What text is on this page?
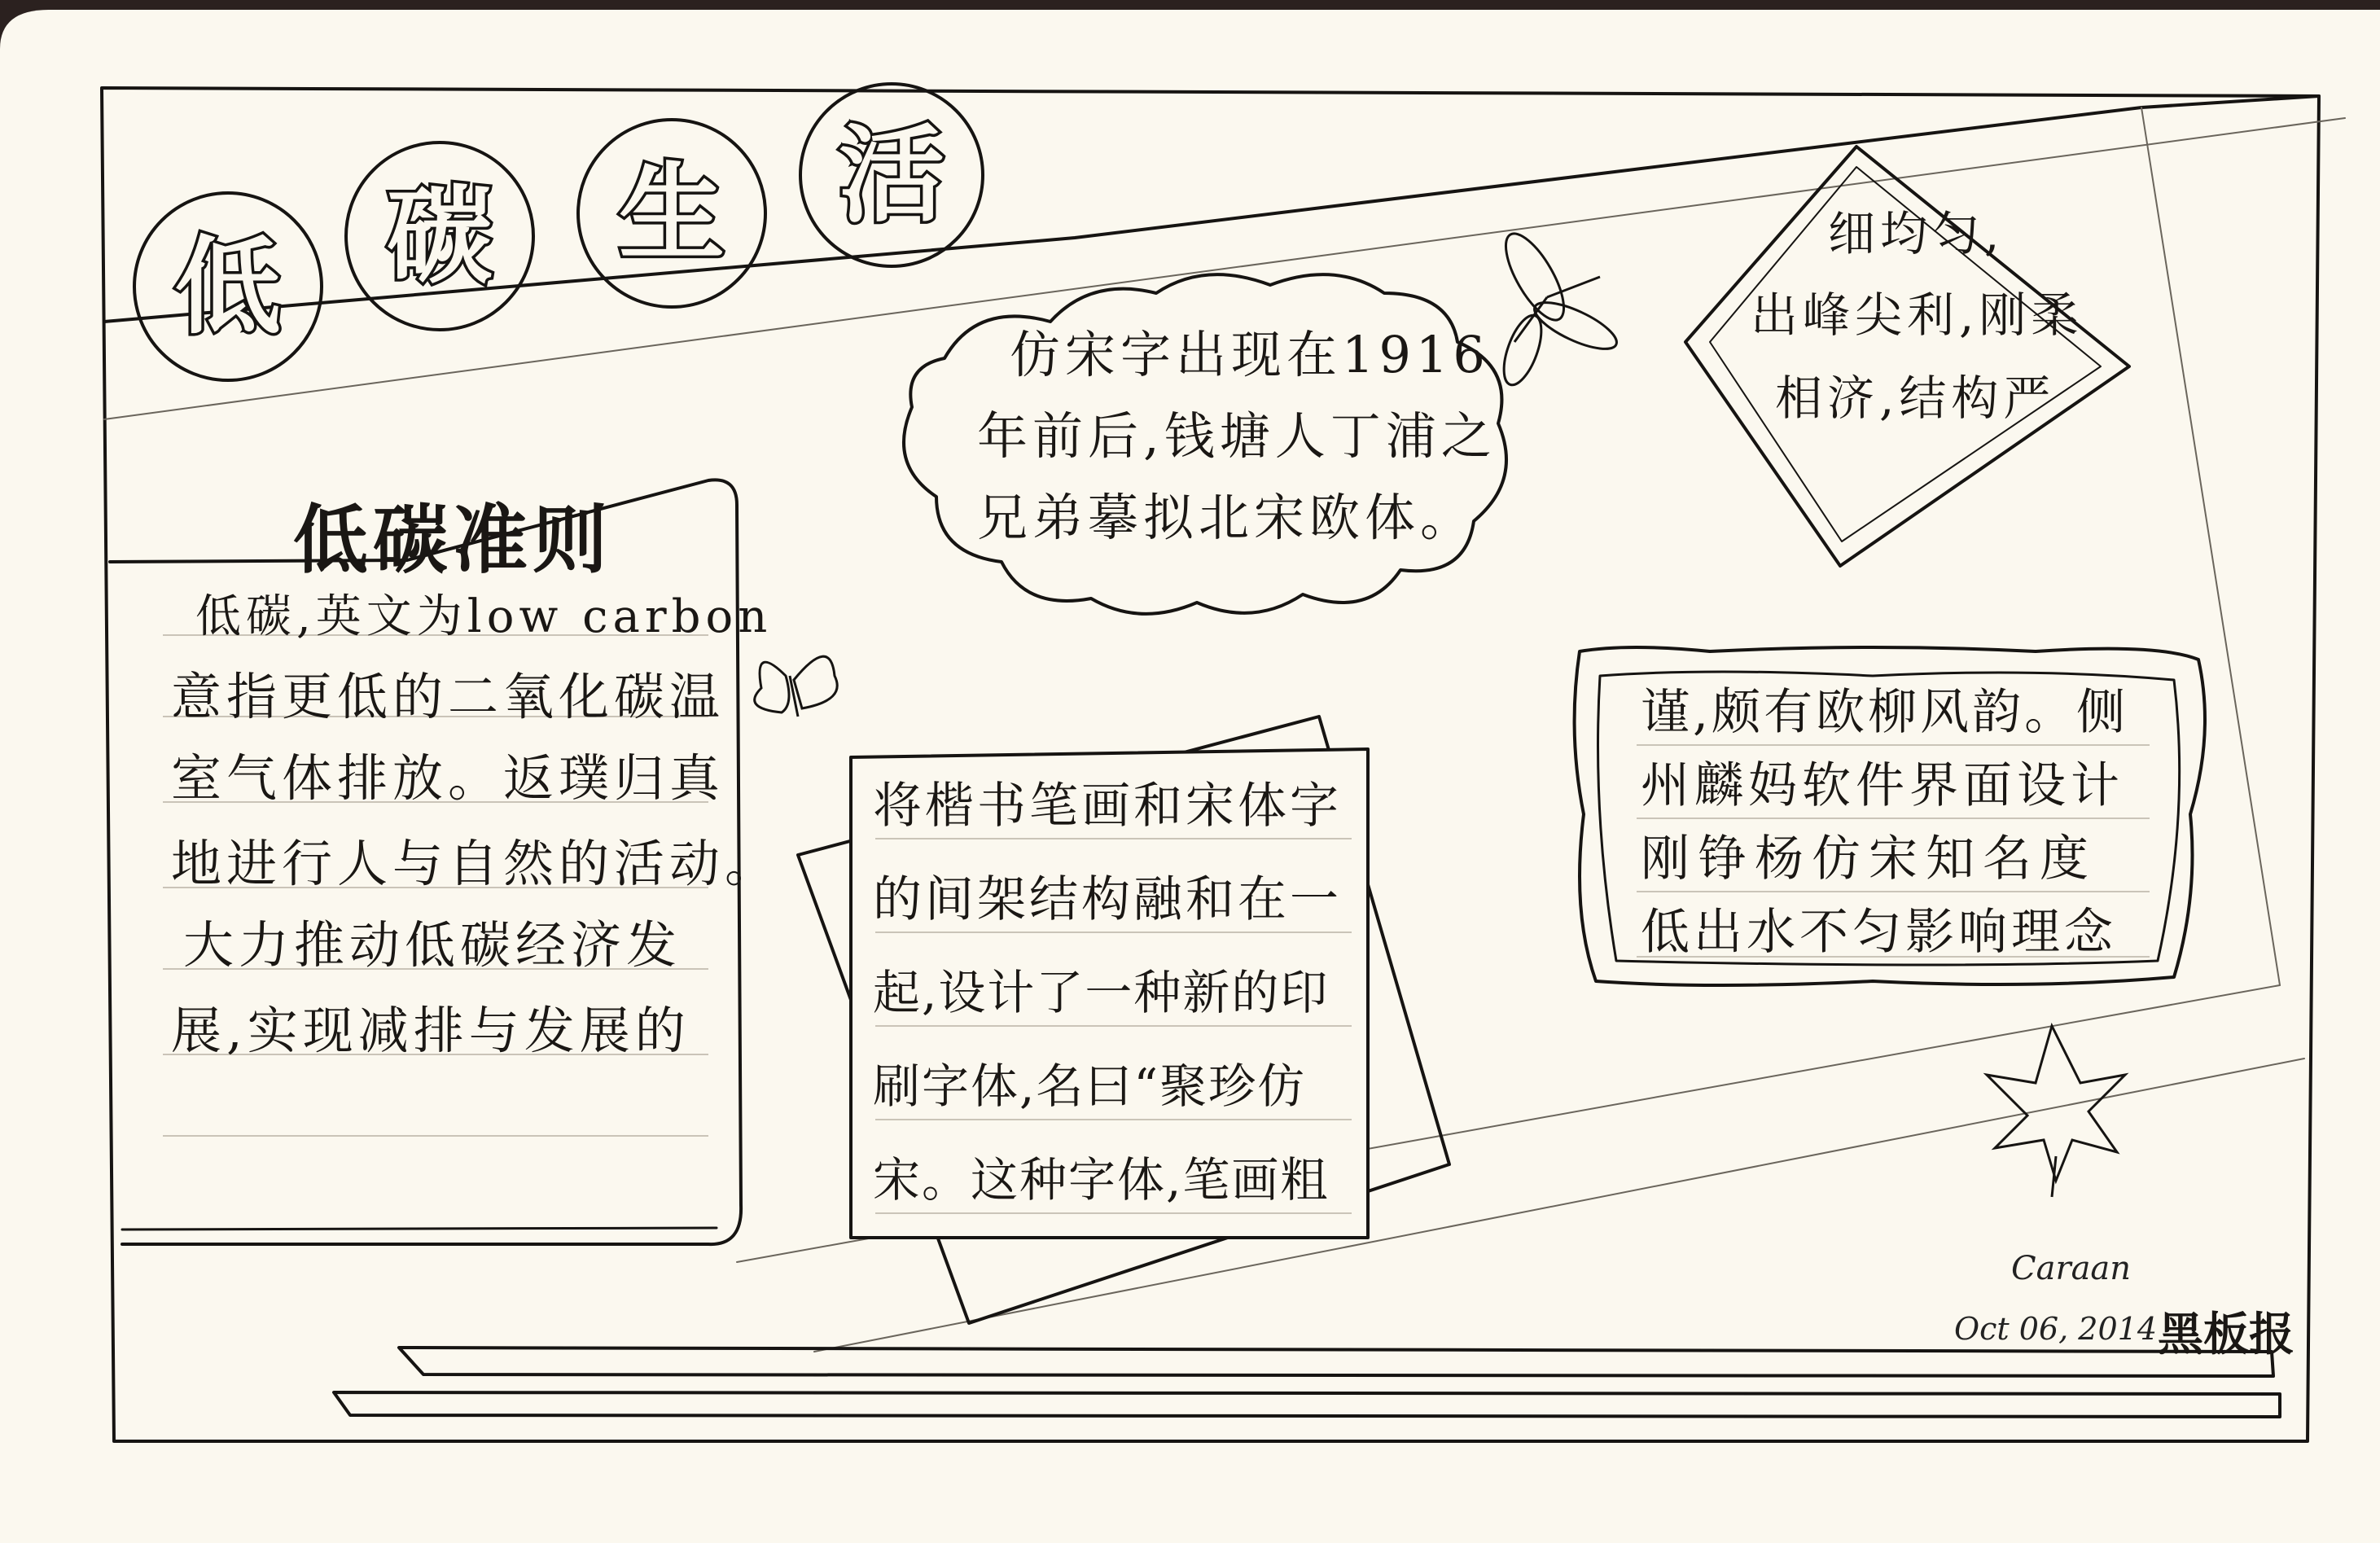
低 碳 生 活
低碳准则
低碳,英文为low carbon
意指更低的二氧化碳温
室气体排放。返璞归真
地进行人与自然的活动。
大力推动低碳经济发
展,实现减排与发展的
仿宋字出现在1916
年前后,钱塘人丁浦之
兄弟摹拟北宋欧体。
细均匀,
出峰尖利,刚柔
相济,结构严
将楷书笔画和宋体字
的间架结构融和在一
起,设计了一种新的印
刷字体,名曰“聚珍仿
宋。这种字体,笔画粗
谨,颇有欧柳风韵。侧
州麟妈软件界面设计
刚铮杨仿宋知名度
低出水不匀影响理念
Caraan
Oct 06, 2014 黑板报
